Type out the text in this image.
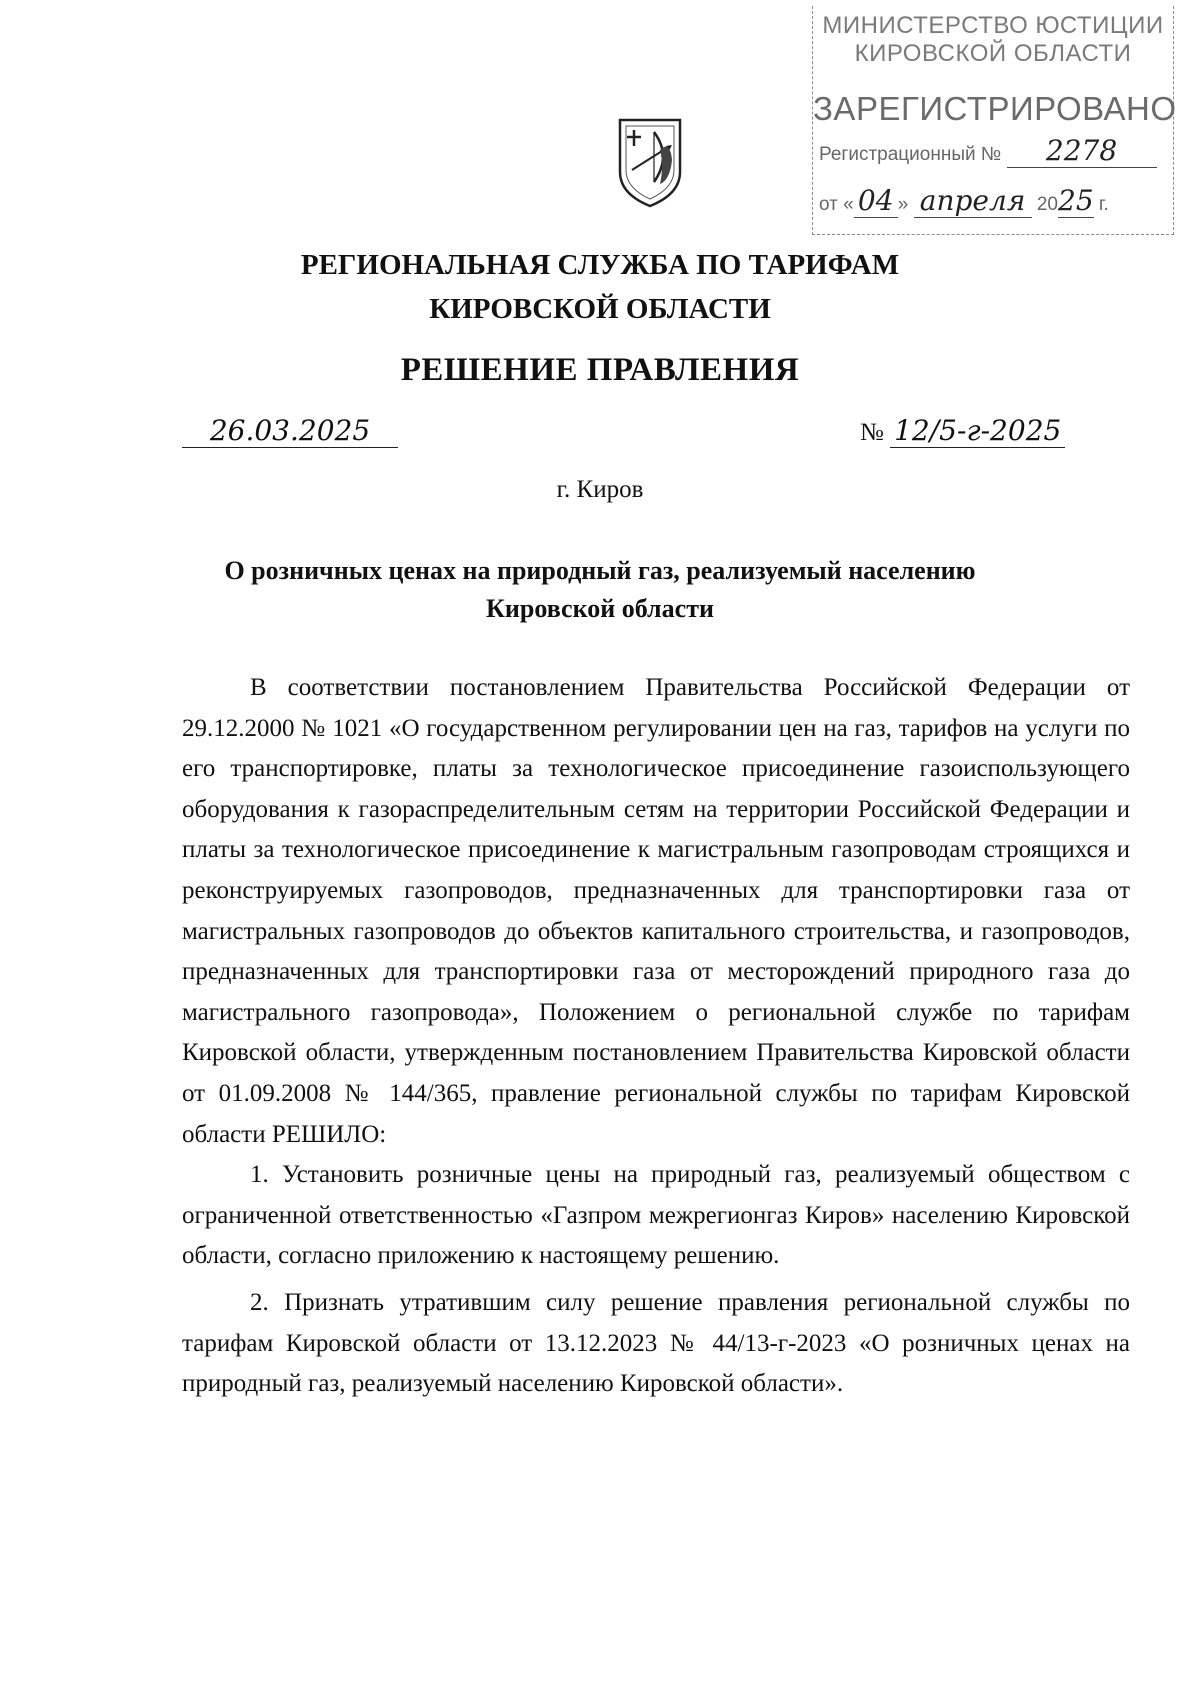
МИНИСТЕРСТВО ЮСТИЦИИ
КИРОВСКОЙ ОБЛАСТИ
ЗАРЕГИСТРИРОВАНО
Регистрационный № 2278
от « 04 » апреля 2025 г.
РЕГИОНАЛЬНАЯ СЛУЖБА ПО ТАРИФАМ
КИРОВСКОЙ ОБЛАСТИ
РЕШЕНИЕ ПРАВЛЕНИЯ
26.03.2025	№ 12/5-г-2025
г. Киров
О розничных ценах на природный газ, реализуемый населению
Кировской области

В соответствии постановлением Правительства Российской Федерации от 29.12.2000 № 1021 «О государственном регулировании цен на газ, тарифов на услуги по его транспортировке, платы за технологическое присоединение газоиспользующего оборудования к газораспределительным сетям на территории Российской Федерации и платы за технологическое присоединение к магистральным газопроводам строящихся и реконструируемых газопроводов, предназначенных для транспортировки газа от магистральных газопроводов до объектов капитального строительства, и газопроводов, предназначенных для транспортировки газа от месторождений природного газа до магистрального газопровода», Положением о региональной службе по тарифам Кировской области, утвержденным постановлением Правительства Кировской области от 01.09.2008 № 144/365, правление региональной службы по тарифам Кировской области РЕШИЛО:

1. Установить розничные цены на природный газ, реализуемый обществом с ограниченной ответственностью «Газпром межрегионгаз Киров» населению Кировской области, согласно приложению к настоящему решению.

2. Признать утратившим силу решение правления региональной службы по тарифам Кировской области от 13.12.2023 № 44/13-г-2023 «О розничных ценах на природный газ, реализуемый населению Кировской области».
